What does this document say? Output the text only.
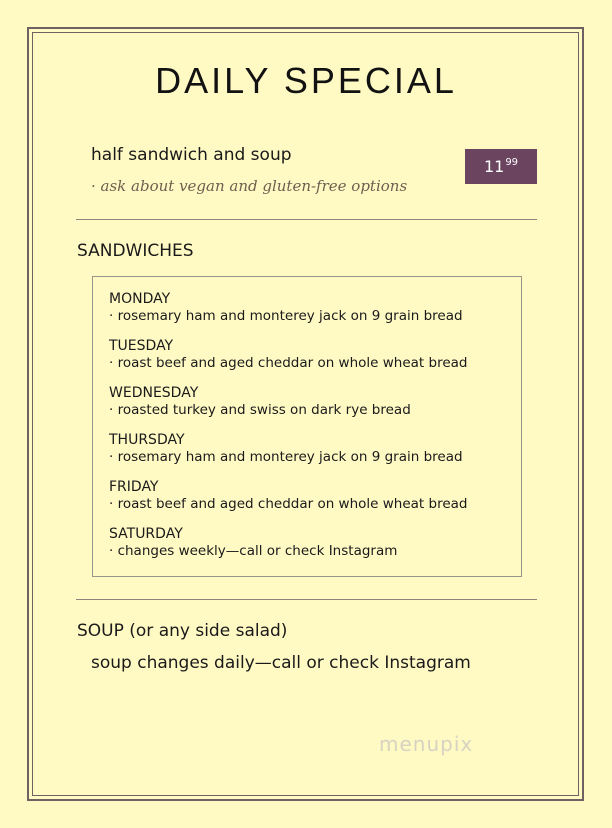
DAILY SPECIAL
half sandwich and soup
· ask about vegan and gluten-free options
$11^{99}$
SANDWICHES
MONDAY
· rosemary ham and monterey jack on 9 grain bread
TUESDAY
· roast beef and aged cheddar on whole wheat bread
WEDNESDAY
· roasted turkey and swiss on dark rye bread
THURSDAY
· rosemary ham and monterey jack on 9 grain bread
FRIDAY
· roast beef and aged cheddar on whole wheat bread
SATURDAY
· changes weekly—call or check Instagram
SOUP (or any side salad)
soup changes daily—call or check Instagram
menupix
